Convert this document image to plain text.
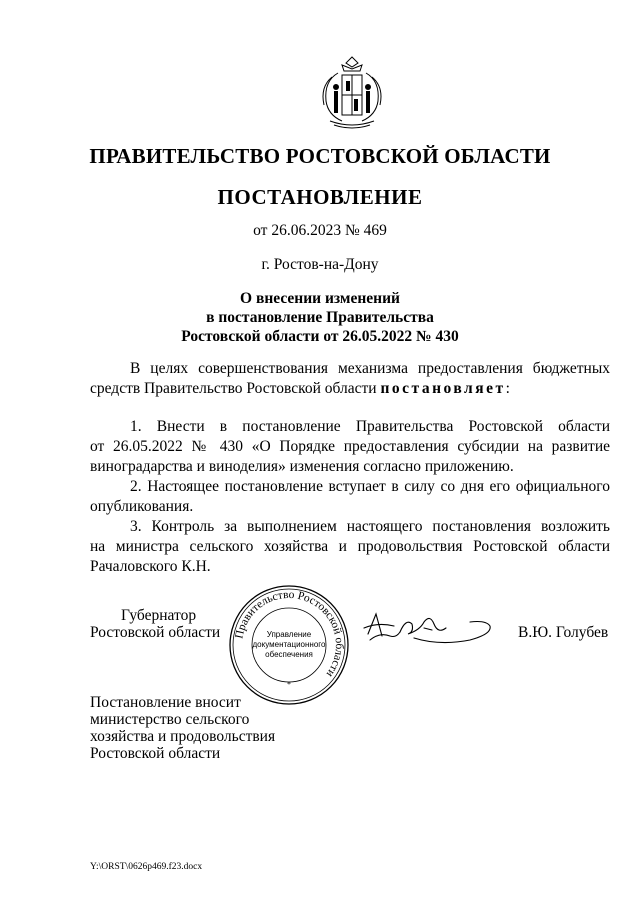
ПРАВИТЕЛЬСТВО РОСТОВСКОЙ ОБЛАСТИ
ПОСТАНОВЛЕНИЕ
от 26.06.2023 № 469
г. Ростов-на-Дону
О внесении изменений
в постановление Правительства
Ростовской области от 26.05.2022 № 430
В целях совершенствования механизма предоставления бюджетных
средств Правительство Ростовской области постановляет:
1. Внести в постановление Правительства Ростовской области
от 26.05.2022 № 430 «О Порядке предоставления субсидии на развитие
виноградарства и виноделия» изменения согласно приложению.
2. Настоящее постановление вступает в силу со дня его официального
опубликования.
3. Контроль за выполнением настоящего постановления возложить
на министра сельского хозяйства и продовольствия Ростовской области
Рачаловского К.Н.
Губернатор
Ростовской области Правительство Ростовской области
*
Управление
документационного
обеспечения
В.Ю. Голубев
Постановление вносит
министерство сельского
хозяйства и продовольствия
Ростовской области
Y:\ORST\0626p469.f23.docx
